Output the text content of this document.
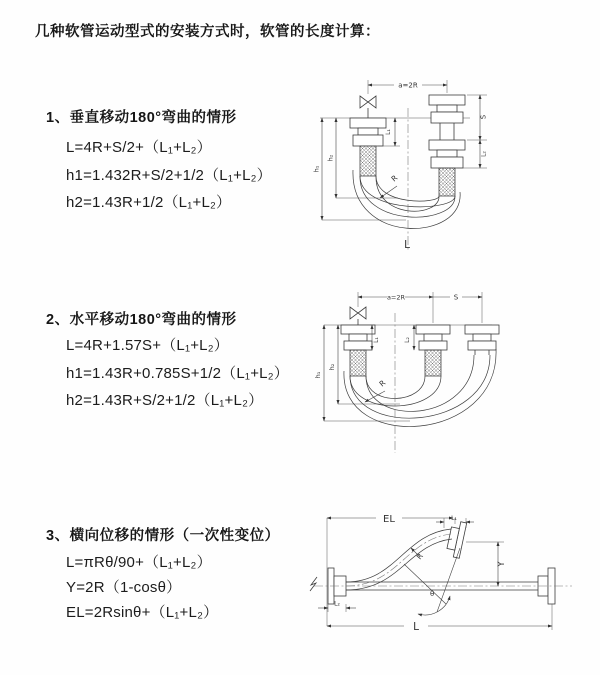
几种软管运动型式的安装方式时，软管的长度计算：
1、垂直移动180°弯曲的情形
L=4R+S/2+（L₁+L₂）
h1=1.432R+S/2+1/2（L₁+L₂）
h2=1.43R+1/2（L₁+L₂）
a=2R
S
L₂
h₁
h₂
L₁
R
L
2、水平移动180°弯曲的情形
L=4R+1.57S+（L₁+L₂）
h1=1.43R+0.785S+1/2（L₁+L₂）
h2=1.43R+S/2+1/2（L₁+L₂）
a=2R	S
L₁	L₂
h₁
h₂
R
3、横向位移的情形（一次性变位）
L=πRθ/90+（L₁+L₂）
Y=2R（1-cosθ）
EL=2Rsinθ+（L₁+L₂）
EL	L₁
R
θ
Y
L₂
L
